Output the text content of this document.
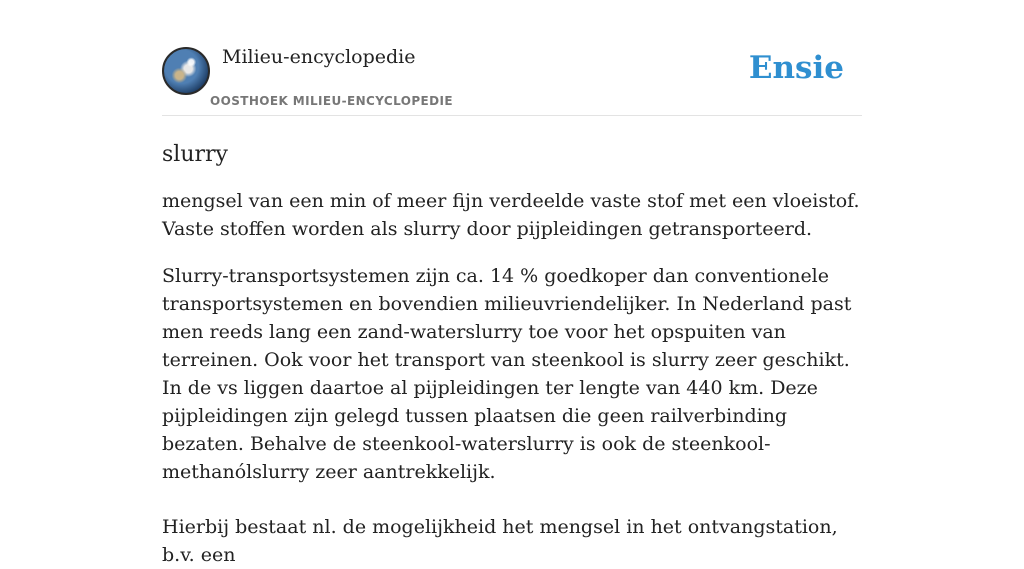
Milieu-encyclopedie
OOSTHOEK MILIEU-ENCYCLOPEDIE
Ensie
slurry

mengsel van een min of meer fijn verdeelde vaste stof met een vloeistof. Vaste stoffen worden als slurry door pijpleidingen getransporteerd.

Slurry-transportsystemen zijn ca. 14 % goedkoper dan conventionele transportsystemen en bovendien milieuvriendelijker. In Nederland past men reeds lang een zand-waterslurry toe voor het opspuiten van terreinen. Ook voor het transport van steenkool is slurry zeer geschikt. In de vs liggen daartoe al pijpleidingen ter lengte van 440 km. Deze pijpleidingen zijn gelegd tussen plaatsen die geen railverbinding bezaten. Behalve de steenkool-waterslurry is ook de steenkool-methanólslurry zeer aantrekkelijk.

Hierbij bestaat nl. de mogelijkheid het mengsel in het ontvangstation, b.v. een
